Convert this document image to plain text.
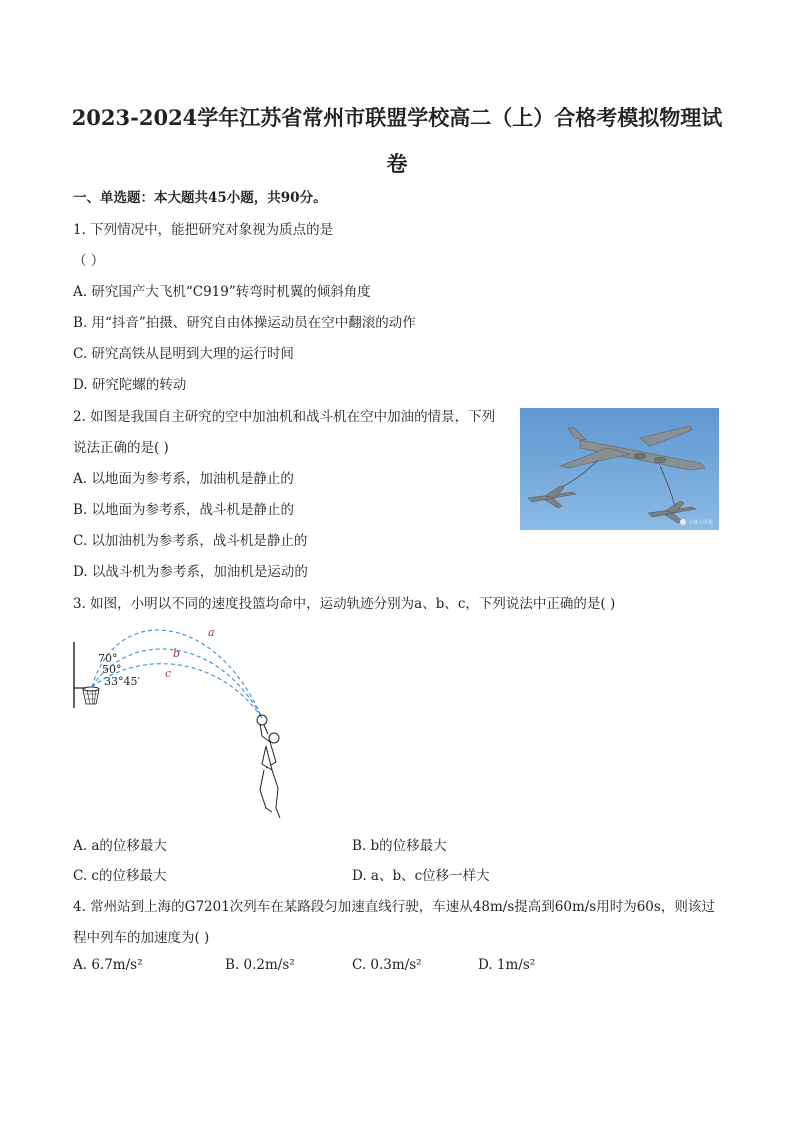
2023-2024学年江苏省常州市联盟学校高二（上）合格考模拟物理试
卷
一、单选题：本大题共45小题，共90分。
1. 下列情况中，能把研究对象视为质点的是
（ ）
A. 研究国产大飞机“C919”转弯时机翼的倾斜角度
B. 用“抖音”拍摄、研究自由体操运动员在空中翻滚的动作
C. 研究高铁从昆明到大理的运行时间
D. 研究陀螺的转动
2. 如图是我国自主研究的空中加油机和战斗机在空中加油的情景，下列
说法正确的是( )
A. 以地面为参考系，加油机是静止的
B. 以地面为参考系，战斗机是静止的
C. 以加油机为参考系，战斗机是静止的
D. 以战斗机为参考系，加油机是运动的
吉林大学化
3. 如图，小明以不同的速度投篮均命中，运动轨迹分别为a、b、c，下列说法中正确的是( )
70°
50°
33°45′
a
b
c
A. a的位移最大	B. b的位移最大
C. c的位移最大	D. a、b、c位移一样大
4. 常州站到上海的G7201次列车在某路段匀加速直线行驶，车速从48m/s提高到60m/s用时为60s，则该过
程中列车的加速度为( )
A. 6.7m/s²	B. 0.2m/s²	C. 0.3m/s²	D. 1m/s²
